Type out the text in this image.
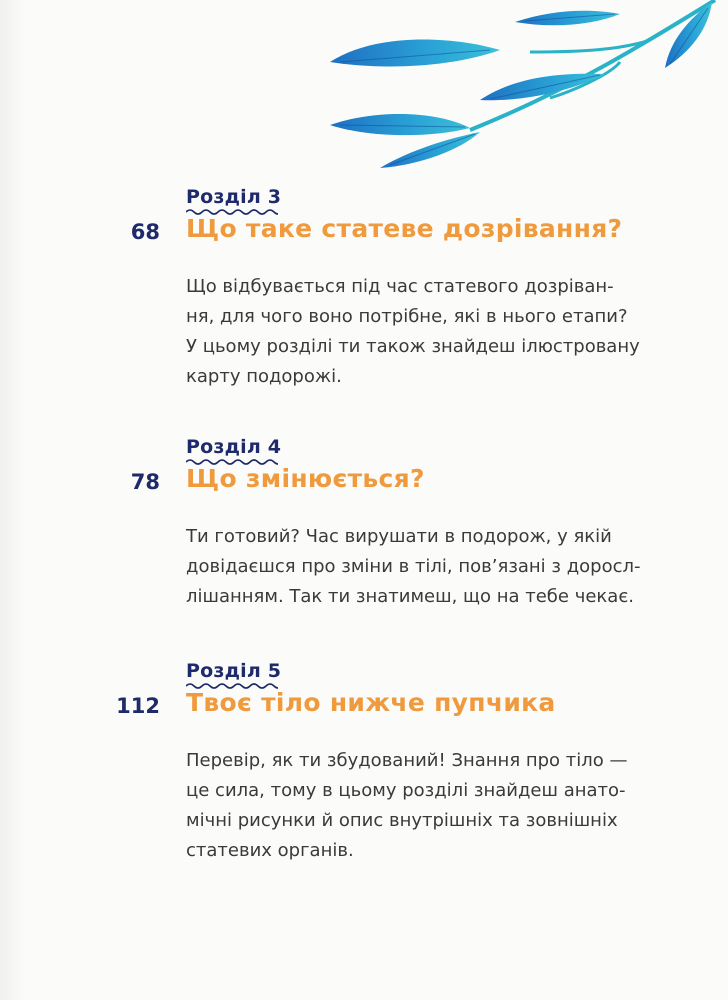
Розділ 3
68 Що таке статеве дозрівання?
Що відбувається під час статевого дозріван-
ня, для чого воно потрібне, які в нього етапи?
У цьому розділі ти також знайдеш ілюстровану
карту подорожі.
Розділ 4
78 Що змінюється?
Ти готовий? Час вирушати в подорож, у якій
довідаєшся про зміни в тілі, пов’язані з доросл-
лішанням. Так ти знатимеш, що на тебе чекає.
Розділ 5
112 Твоє тіло нижче пупчика
Перевір, як ти збудований! Знання про тіло —
це сила, тому в цьому розділі знайдеш анато-
мічні рисунки й опис внутрішніх та зовнішніх
статевих органів.
